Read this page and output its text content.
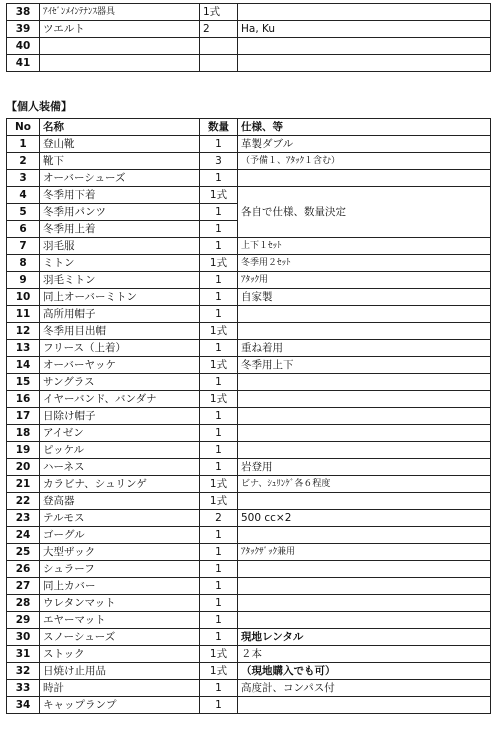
38	ｱｲｾﾞﾝﾒｲﾝﾃﾅﾝｽ器具	1式	
39	ツエルト	2	Ha, Ku
40			
41			
【個人装備】
No	名称	数量	仕様、等
1	登山靴	1	革製ダブル
2	靴下	3	（予備１、ｱﾀｯｸ１含む）
3	オーバーシューズ	1	
4	冬季用下着	1式	各自で仕様、数量決定
5	冬季用パンツ	1	
6	冬季用上着	1	
7	羽毛服	1	上下１ｾｯﾄ
8	ミトン	1式	冬季用２ｾｯﾄ
9	羽毛ミトン	1	ｱﾀｯｸ用
10	同上オーバーミトン	1	自家製
11	高所用帽子	1	
12	冬季用目出帽	1式	
13	フリース（上着）	1	重ね着用
14	オーバーヤッケ	1式	冬季用上下
15	サングラス	1	
16	イヤーバンド、バンダナ	1式	
17	日除け帽子	1	
18	アイゼン	1	
19	ピッケル	1	
20	ハーネス	1	岩登用
21	カラビナ、シュリンゲ	1式	ビナ、ｼｭﾘﾝｹﾞ各６程度
22	登高器	1式	
23	テルモス	2	500 cc×2
24	ゴーグル	1	
25	大型ザック	1	ｱﾀｯｸｻﾞｯｸ兼用
26	シュラーフ	1	
27	同上カバー	1	
28	ウレタンマット	1	
29	エヤーマット	1	
30	スノーシューズ	1	現地レンタル
31	ストック	1式	２本
32	日焼け止用品	1式	（現地購入でも可）
33	時計	1	高度計、コンパス付
34	キャップランプ	1	
